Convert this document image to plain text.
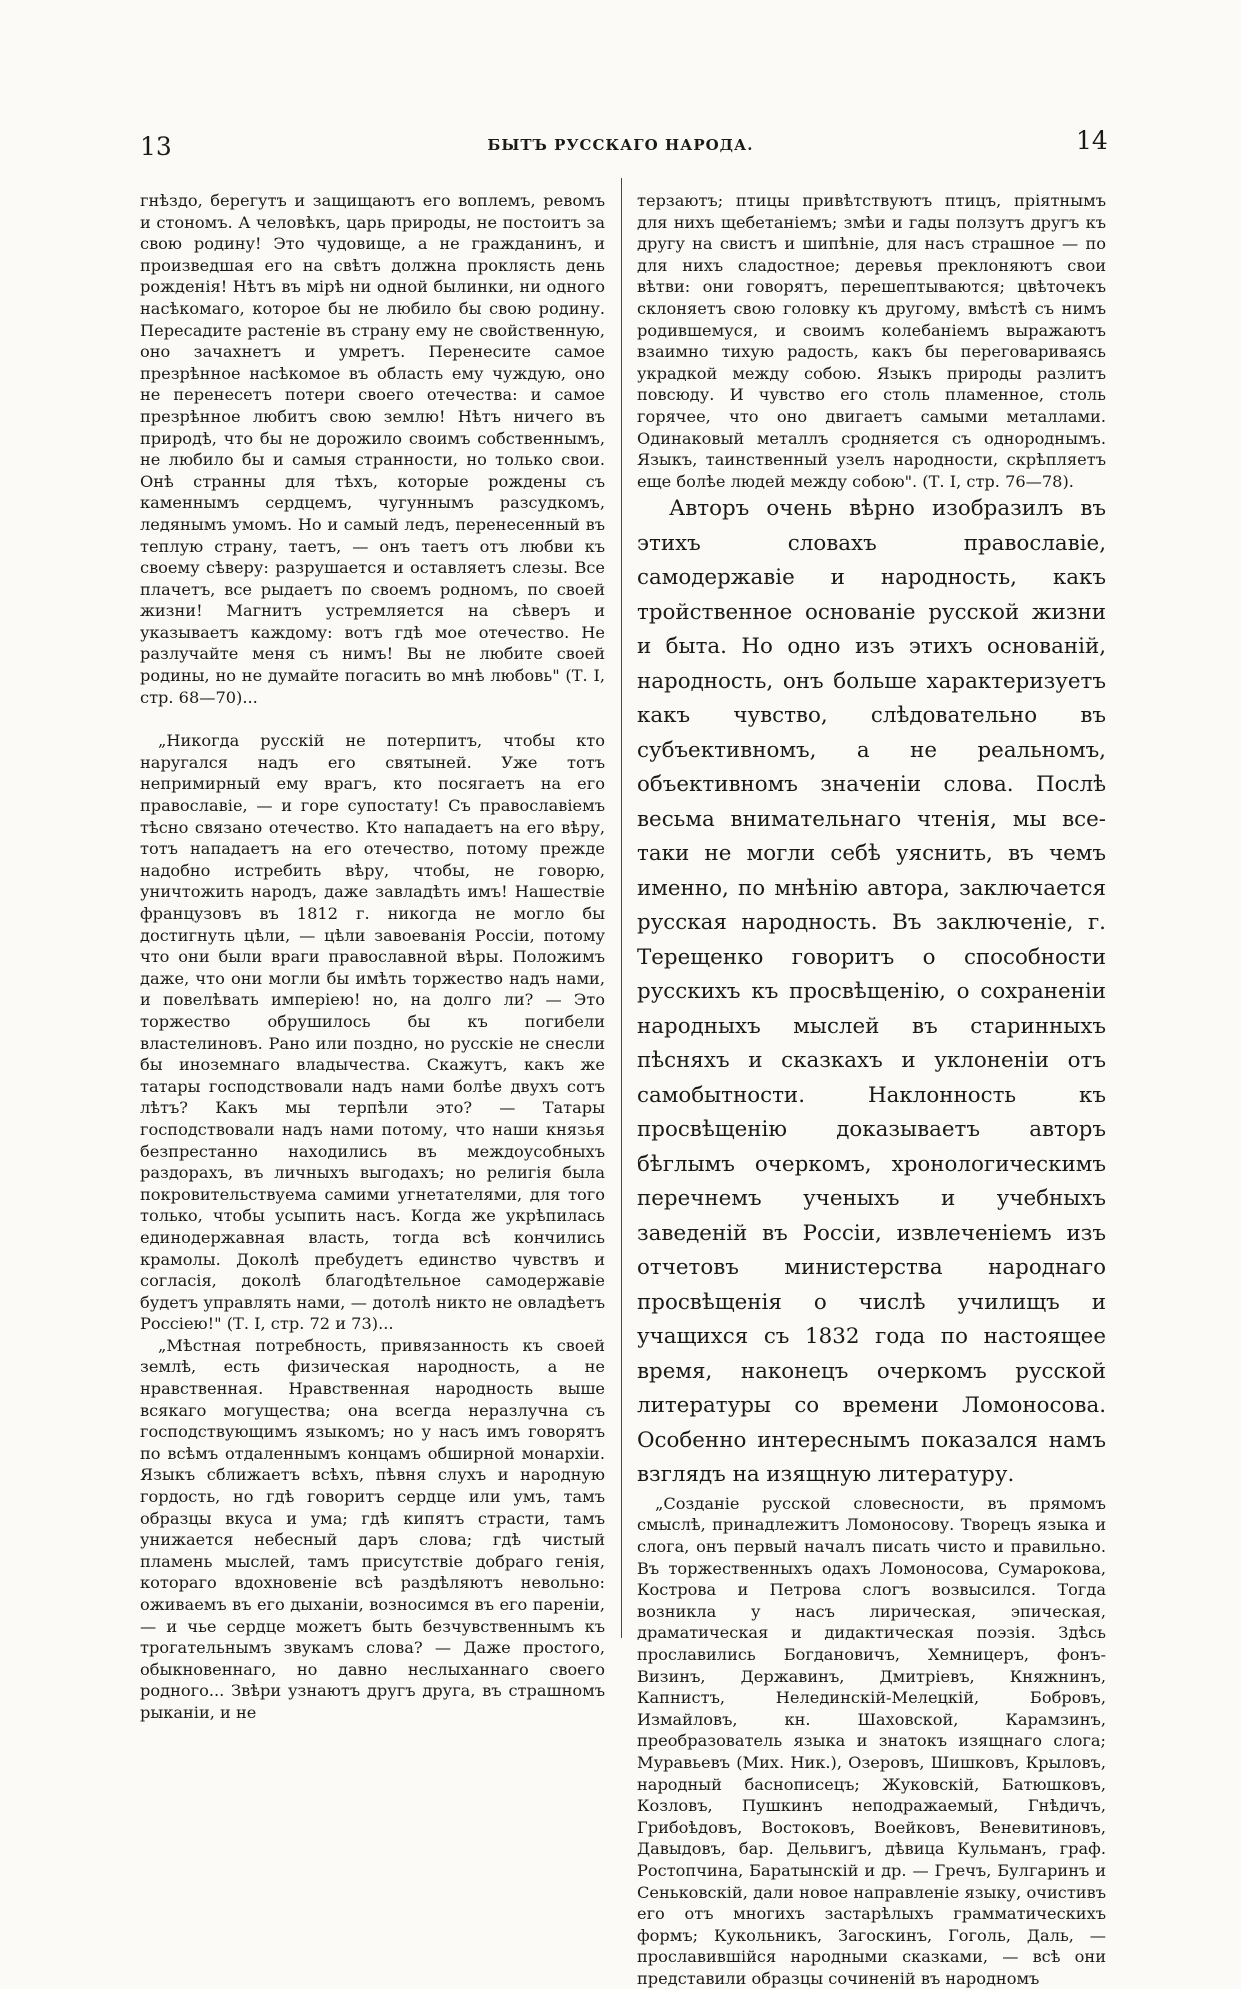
13	БЫТЪ РУССКАГО НАРОДА.	14

гнѣздо, берегутъ и защищаютъ его воплемъ, ревомъ и стономъ. А человѣкъ, царь природы, не постоитъ за свою родину! Это чудовище, а не гражданинъ, и произведшая его на свѣтъ должна проклясть день рожденія! Нѣтъ въ мірѣ ни одной былинки, ни одного насѣкомаго, которое бы не любило бы свою родину. Пересадите растеніе въ страну ему не свойственную, оно зачахнетъ и умретъ. Перенесите самое презрѣнное насѣкомое въ область ему чуждую, оно не перенесетъ потери своего отечества: и самое презрѣнное любитъ свою землю! Нѣтъ ничего въ природѣ, что бы не дорожило своимъ собственнымъ, не любило бы и самыя странности, но только свои. Онѣ странны для тѣхъ, которые рождены съ каменнымъ сердцемъ, чугуннымъ разсудкомъ, ледянымъ умомъ. Но и самый ледъ, перенесенный въ теплую страну, таетъ, — онъ таетъ отъ любви къ своему сѣверу: разрушается и оставляетъ слезы. Все плачетъ, все рыдаетъ по своемъ родномъ, по своей жизни! Магнитъ устремляется на сѣверъ и указываетъ каждому: вотъ гдѣ мое отечество. Не разлучайте меня съ нимъ! Вы не любите своей родины, но не думайте погасить во мнѣ любовь" (Т. I, стр. 68—70)...

„Никогда русскій не потерпитъ, чтобы кто наругался надъ его святыней. Уже тотъ непримирный ему врагъ, кто посягаетъ на его православіе, — и горе супостату! Съ православіемъ тѣсно связано отечество. Кто нападаетъ на его вѣру, тотъ нападаетъ на его отечество, потому прежде надобно истребить вѣру, чтобы, не говорю, уничтожить народъ, даже завладѣть имъ! Нашествіе французовъ въ 1812 г. никогда не могло бы достигнуть цѣли, — цѣли завоеванія Россіи, потому что они были враги православной вѣры. Положимъ даже, что они могли бы имѣть торжество надъ нами, и повелѣвать имперіею! но, на долго ли? — Это торжество обрушилось бы къ погибели властелиновъ. Рано или поздно, но русскіе не снесли бы иноземнаго владычества. Скажутъ, какъ же татары господствовали надъ нами болѣе двухъ сотъ лѣтъ? Какъ мы терпѣли это? — Татары господствовали надъ нами потому, что наши князья безпрестанно находились въ междоусобныхъ раздорахъ, въ личныхъ выгодахъ; но религія была покровительствуема самими угнетателями, для того только, чтобы усыпить насъ. Когда же укрѣпилась единодержавная власть, тогда всѣ кончились крамолы. Доколѣ пребудетъ единство чувствъ и согласія, доколѣ благодѣтельное самодержавіе будетъ управлять нами, — дотолѣ никто не овладѣетъ Россіею!" (Т. I, стр. 72 и 73)...

„Мѣстная потребность, привязанность къ своей землѣ, есть физическая народность, а не нравственная. Нравственная народность выше всякаго могущества; она всегда неразлучна съ господствующимъ языкомъ; но у насъ имъ говорятъ по всѣмъ отдаленнымъ концамъ обширной монархіи. Языкъ сближаетъ всѣхъ, пѣвня слухъ и народную гордость, но гдѣ говоритъ сердце или умъ, тамъ образцы вкуса и ума; гдѣ кипятъ страсти, тамъ унижается небесный даръ слова; гдѣ чистый пламень мыслей, тамъ присутствіе добраго генія, котораго вдохновеніе всѣ раздѣляютъ невольно: оживаемъ въ его дыханіи, возносимся въ его пареніи, — и чье сердце можетъ быть безчувственнымъ къ трогательнымъ звукамъ слова? — Даже простого, обыкновеннаго, но давно неслыханнаго своего родного... Звѣри узнаютъ другъ друга, въ страшномъ рыканіи, и не

терзаютъ; птицы привѣтствуютъ птицъ, пріятнымъ для нихъ щебетаніемъ; змѣи и гады ползутъ другъ къ другу на свистъ и шипѣніе, для насъ страшное — по для нихъ сладостное; деревья преклоняютъ свои вѣтви: они говорятъ, перешептываются; цвѣточекъ склоняетъ свою головку къ другому, вмѣстѣ съ нимъ родившемуся, и своимъ колебаніемъ выражаютъ взаимно тихую радость, какъ бы переговариваясь украдкой между собою. Языкъ природы разлитъ повсюду. И чувство его столь пламенное, столь горячее, что оно двигаетъ самыми металлами. Одинаковый металлъ сродняется съ однороднымъ. Языкъ, таинственный узелъ народности, скрѣпляетъ еще болѣе людей между собою". (Т. I, стр. 76—78).

Авторъ очень вѣрно изобразилъ въ этихъ словахъ православіе, самодержавіе и народность, какъ тройственное основаніе русской жизни и быта. Но одно изъ этихъ основаній, народность, онъ больше характеризуетъ какъ чувство, слѣдовательно въ субъективномъ, а не реальномъ, объективномъ значеніи слова. Послѣ весьма внимательнаго чтенія, мы все-таки не могли себѣ уяснить, въ чемъ именно, по мнѣнію автора, заключается русская народность. Въ заключеніе, г. Терещенко говоритъ о способности русскихъ къ просвѣщенію, о сохраненіи народныхъ мыслей въ старинныхъ пѣсняхъ и сказкахъ и уклоненіи отъ самобытности. Наклонность къ просвѣщенію доказываетъ авторъ бѣглымъ очеркомъ, хронологическимъ перечнемъ ученыхъ и учебныхъ заведеній въ Россіи, извлеченіемъ изъ отчетовъ министерства народнаго просвѣщенія о числѣ училищъ и учащихся съ 1832 года по настоящее время, наконецъ очеркомъ русской литературы со времени Ломоносова. Особенно интереснымъ показался намъ взглядъ на изящную литературу.

„Созданіе русской словесности, въ прямомъ смыслѣ, принадлежитъ Ломоносову. Творецъ языка и слога, онъ первый началъ писать чисто и правильно. Въ торжественныхъ одахъ Ломоносова, Сумарокова, Кострова и Петрова слогъ возвысился. Тогда возникла у насъ лирическая, эпическая, драматическая и дидактическая поэзія. Здѣсь прославились Богдановичъ, Хемницеръ, фонъ-Визинъ, Державинъ, Дмитріевъ, Княжнинъ, Капнистъ, Нелединскій-Мелецкій, Бобровъ, Измайловъ, кн. Шаховской, Карамзинъ, преобразователь языка и знатокъ изящнаго слога; Муравьевъ (Мих. Ник.), Озеровъ, Шишковъ, Крыловъ, народный баснописецъ; Жуковскій, Батюшковъ, Козловъ, Пушкинъ неподражаемый, Гнѣдичъ, Грибоѣдовъ, Востоковъ, Воейковъ, Веневитиновъ, Давыдовъ, бар. Дельвигъ, дѣвица Кульманъ, граф. Ростопчина, Баратынскій и др. — Гречъ, Булгаринъ и Сеньковскій, дали новое направленіе языку, очистивъ его отъ многихъ застарѣлыхъ грамматическихъ формъ; Кукольникъ, Загоскинъ, Гоголь, Даль, — прославившійся народными сказками, — всѣ они представили образцы сочиненій въ народномъ
